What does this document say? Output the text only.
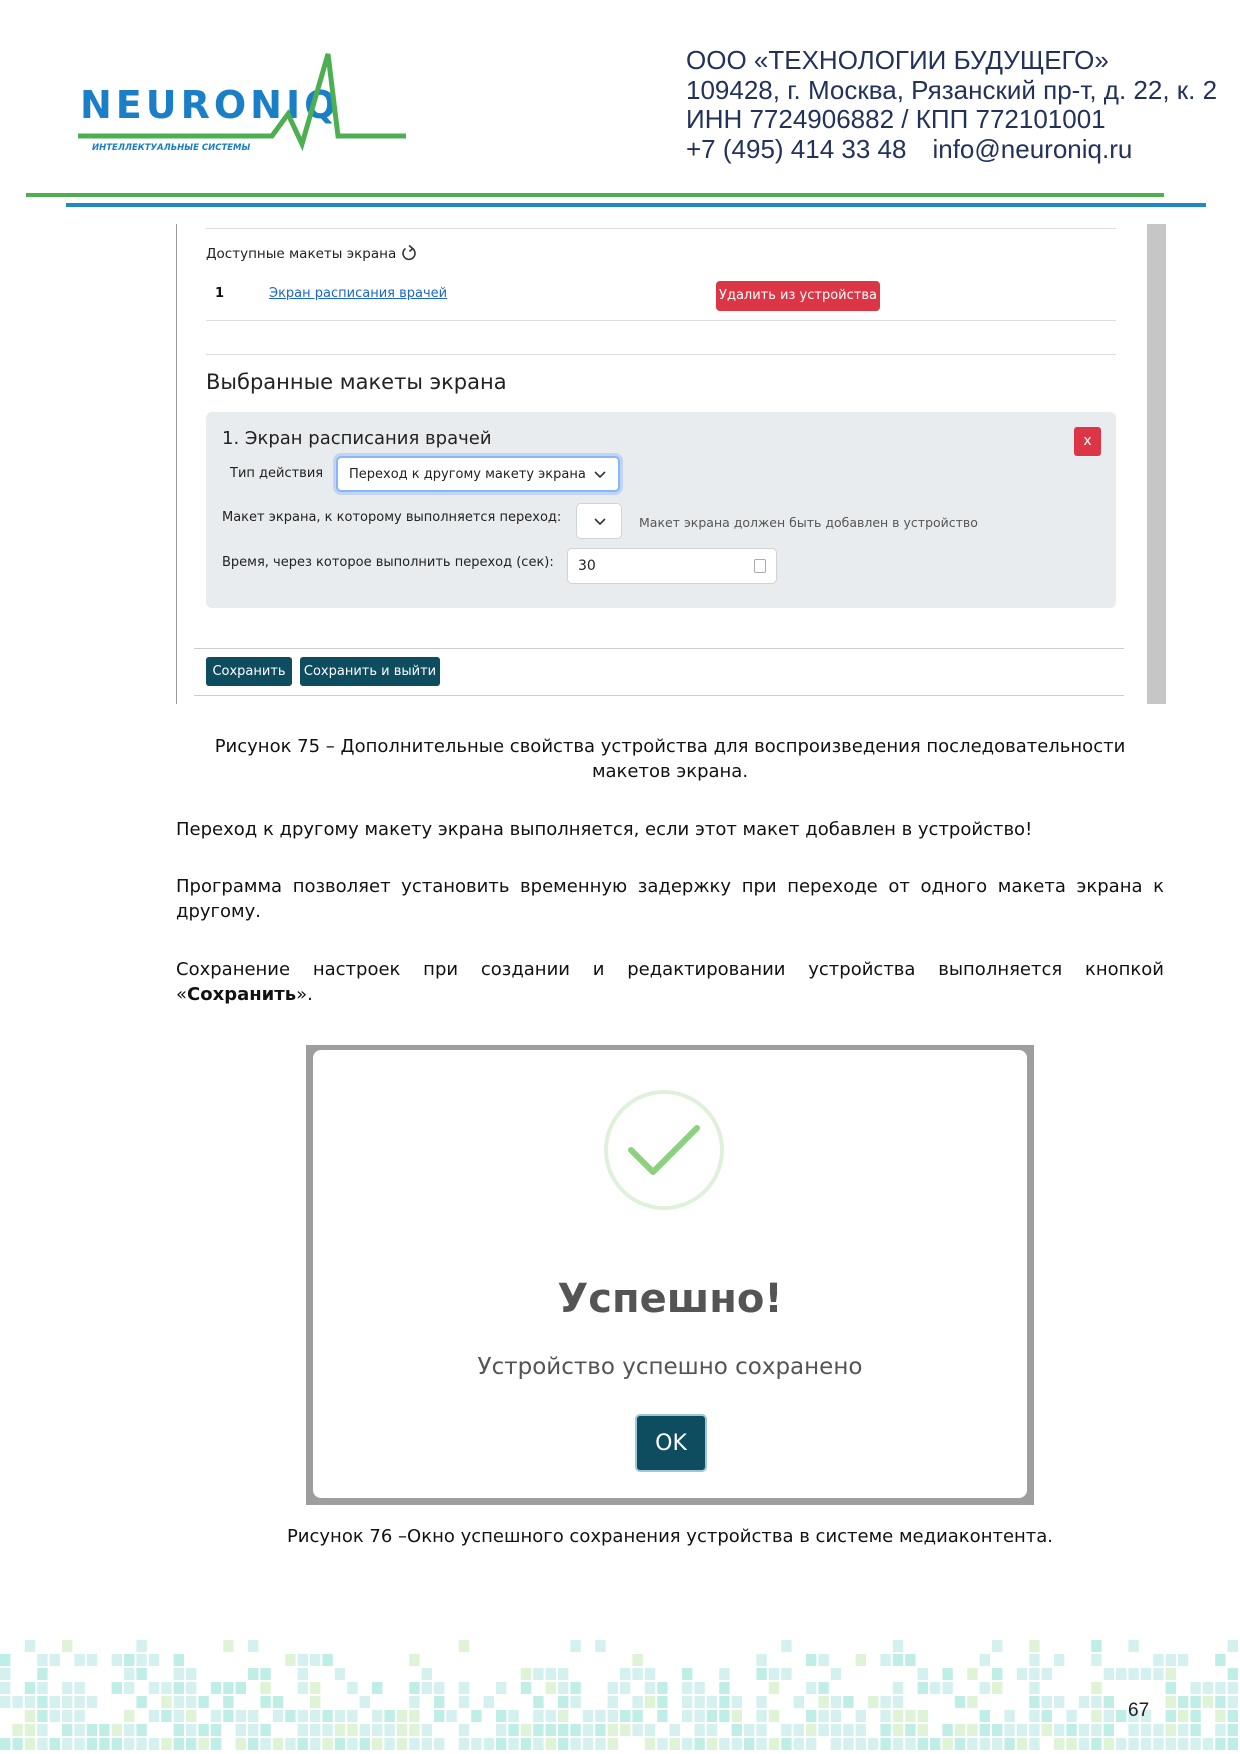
NEURONIQ
ИНТЕЛЛЕКТУАЛЬНЫЕ СИСТЕМЫ
ООО «ТЕХНОЛОГИИ БУДУЩЕГО»
109428, г. Москва, Рязанский пр-т, д. 22, к. 2
ИНН 7724906882 / КПП 772101001
+7 (495) 414 33 48 info@neuroniq.ru
Доступные макеты экрана
1	Экран расписания врачей	Удалить из устройства
Выбранные макеты экрана
1. Экран расписания врачей	x
Тип действия Переход к другому макету экрана
Макет экрана, к которому выполняется переход:	Макет экрана должен быть добавлен в устройство
Время, через которое выполнить переход (сек): 30
Сохранить	Сохранить и выйти
Рисунок 75 – Дополнительные свойства устройства для воспроизведения последовательности
макетов экрана.
Переход к другому макету экрана выполняется, если этот макет добавлен в устройство!
Программа позволяет установить временную задержку при переходе от одного макета экрана к
другому.
Сохранение настроек при создании и редактировании устройства выполняется кнопкой
«Сохранить».
Успешно!
Устройство успешно сохранено
OK
Рисунок 76 –Окно успешного сохранения устройства в системе медиаконтента.
67
